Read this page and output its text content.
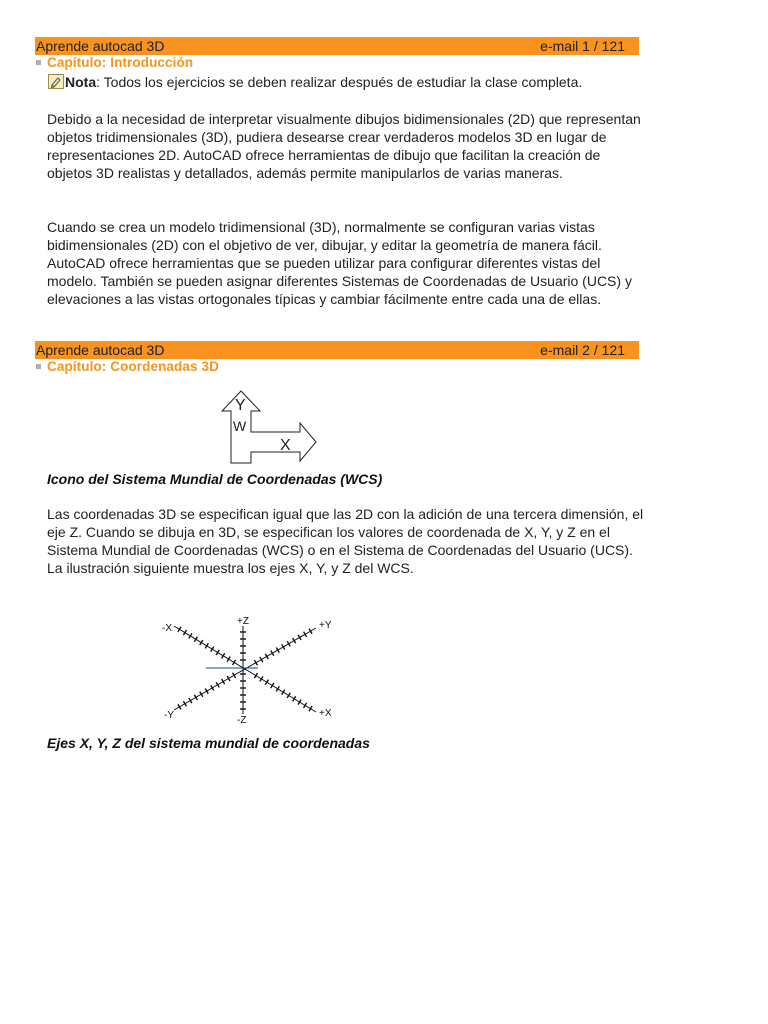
Aprende autocad 3D	e-mail 1 / 121
Capítulo: Introducción
Nota: Todos los ejercicios se deben realizar después de estudiar la clase completa.

Debido a la necesidad de interpretar visualmente dibujos bidimensionales (2D) que representan objetos tridimensionales (3D), pudiera desearse crear verdaderos modelos 3D en lugar de representaciones 2D. AutoCAD ofrece herramientas de dibujo que facilitan la creación de objetos 3D realistas y detallados, además permite manipularlos de varias maneras.

Cuando se crea un modelo tridimensional (3D), normalmente se configuran varias vistas bidimensionales (2D) con el objetivo de ver, dibujar, y editar la geometría de manera fácil. AutoCAD ofrece herramientas que se pueden utilizar para configurar diferentes vistas del modelo. También se pueden asignar diferentes Sistemas de Coordenadas de Usuario (UCS) y elevaciones a las vistas ortogonales típicas y cambiar fácilmente entre cada una de ellas.

Aprende autocad 3D	e-mail 2 / 121
Capítulo: Coordenadas 3D
Y
W
X
Icono del Sistema Mundial de Coordenadas (WCS)

Las coordenadas 3D se especifican igual que las 2D con la adición de una tercera dimensión, el eje Z. Cuando se dibuja en 3D, se especifican los valores de coordenada de X, Y, y Z en el Sistema Mundial de Coordenadas (WCS) o en el Sistema de Coordenadas del Usuario (UCS). La ilustración siguiente muestra los ejes X, Y, y Z del WCS.

-X
+Z	+Y
-Y	-Z
+X
Ejes X, Y, Z del sistema mundial de coordenadas
